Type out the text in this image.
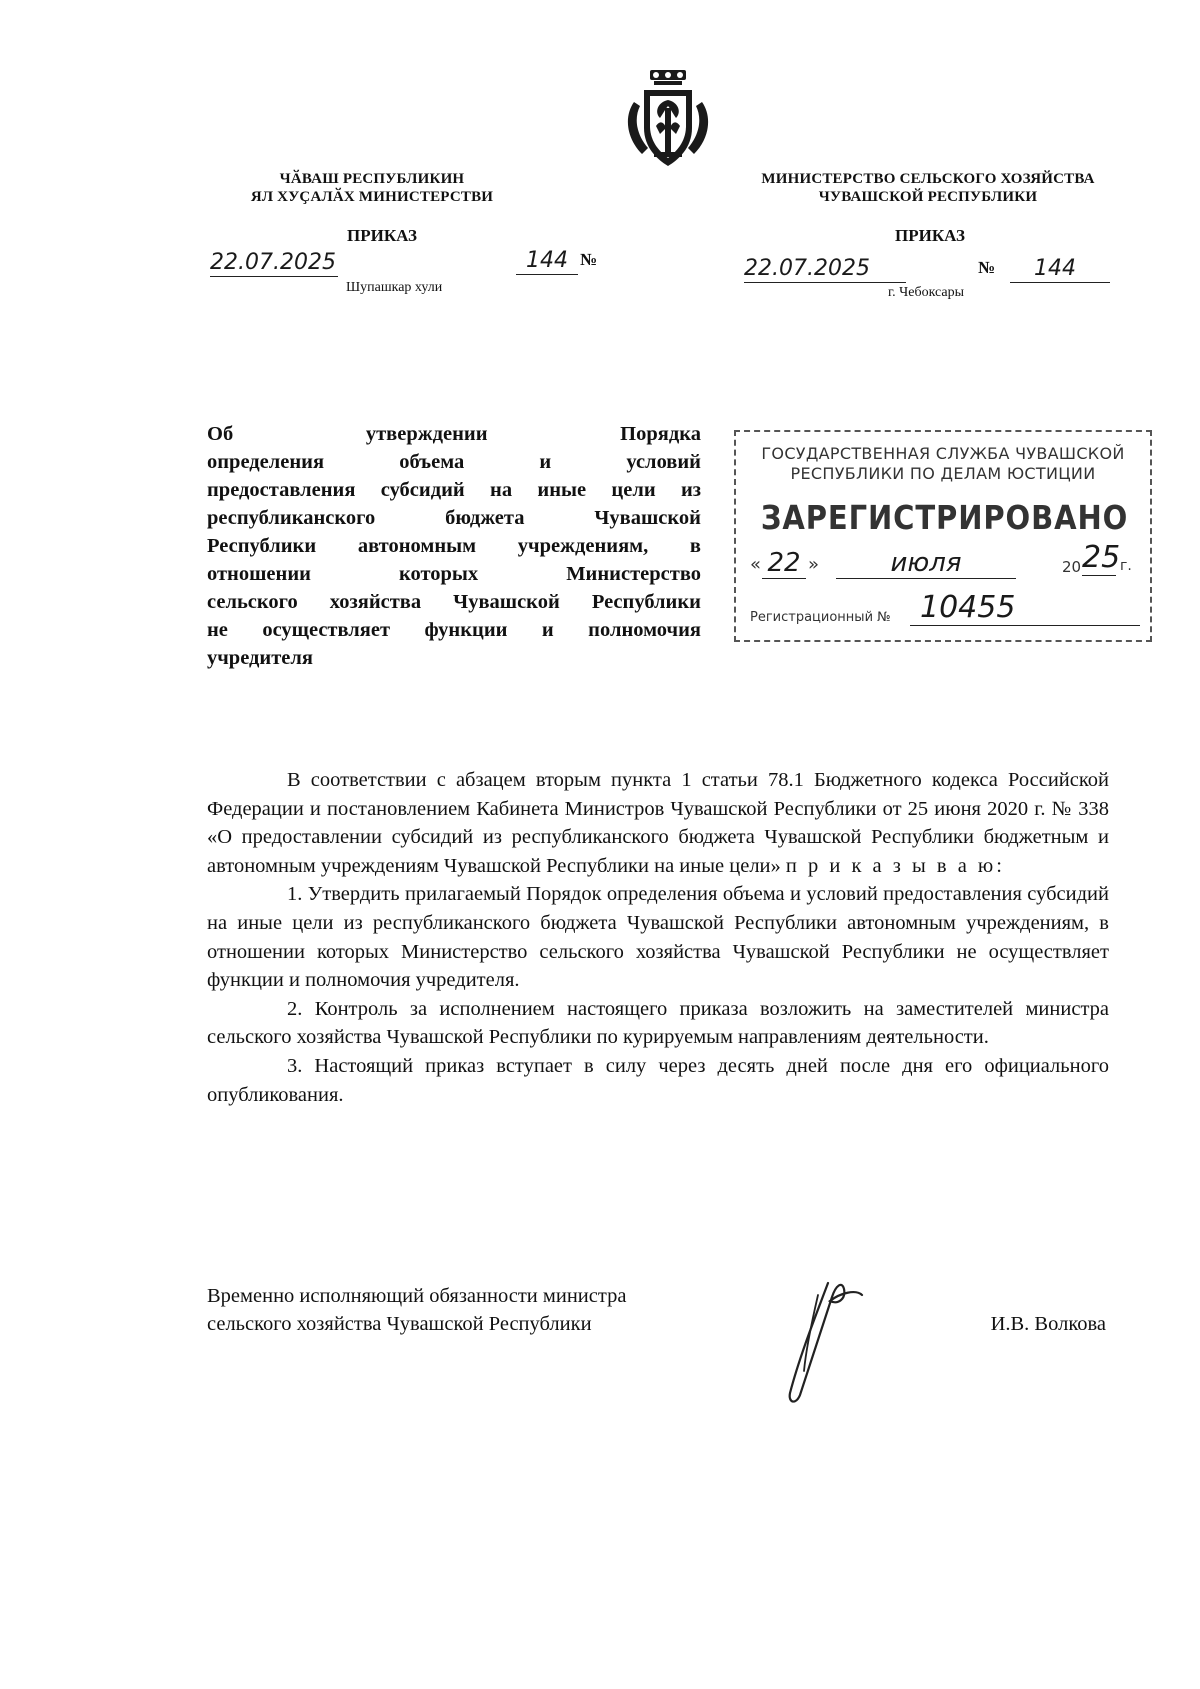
ЧӐВАШ РЕСПУБЛИКИН
ЯЛ ХУҪАЛӐХ МИНИСТЕРСТВИ
МИНИСТЕРСТВО СЕЛЬСКОГО ХОЗЯЙСТВА
ЧУВАШСКОЙ РЕСПУБЛИКИ
ПРИКАЗ	ПРИКАЗ
22.07.2025	144 №
Шупашкар хули
22.07.2025	№	144
г. Чебоксары
Об утверждении Порядка
определения объема и условий
предоставления субсидий на иные цели из
республиканского бюджета Чувашской
Республики автономным учреждениям, в
отношении которых Министерство
сельского хозяйства Чувашской Республики
не осуществляет функции и полномочия
учредителя
ГОСУДАРСТВЕННАЯ СЛУЖБА ЧУВАШСКОЙ
РЕСПУБЛИКИ ПО ДЕЛАМ ЮСТИЦИИ
ЗАРЕГИСТРИРОВАНО
« 22 »	июля	20 25 г.
Регистрационный № 10455

В соответствии с абзацем вторым пункта 1 статьи 78.1 Бюджетного кодекса Российской Федерации и постановлением Кабинета Министров Чувашской Республики от 25 июня 2020 г. № 338 «О предоставлении субсидий из республиканского бюджета Чувашской Республики бюджетным и автономным учреждениям Чувашской Республики на иные цели» п р и к а з ы в а ю:

1. Утвердить прилагаемый Порядок определения объема и условий предоставления субсидий на иные цели из республиканского бюджета Чувашской Республики автономным учреждениям, в отношении которых Министерство сельского хозяйства Чувашской Республики не осуществляет функции и полномочия учредителя.

2. Контроль за исполнением настоящего приказа возложить на заместителей министра сельского хозяйства Чувашской Республики по курируемым направлениям деятельности.

3. Настоящий приказ вступает в силу через десять дней после дня его официального опубликования.

Временно исполняющий обязанности министра
сельского хозяйства Чувашской Республики	И.В. Волкова
